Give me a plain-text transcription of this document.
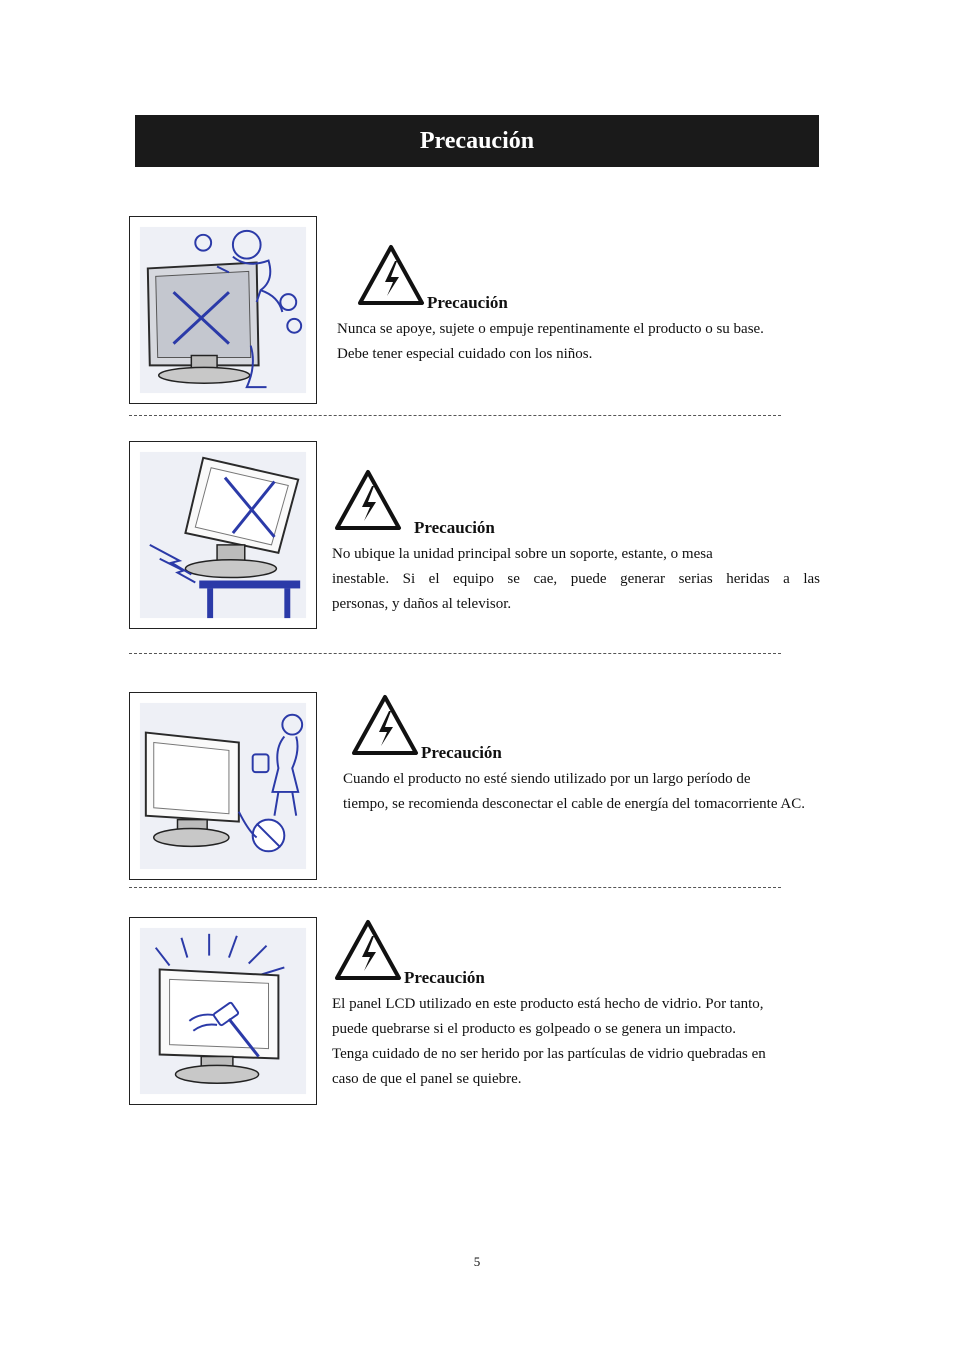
Precaución
Precaución

Nunca se apoye, sujete o empuje repentinamente el producto o su base.

Debe tener especial cuidado con los niños.

Precaución

No ubique la unidad principal sobre un soporte, estante, o mesa

inestable. Si el equipo se cae, puede generar serias heridas a las

personas, y daños al televisor.

Precaución

Cuando el producto no esté siendo utilizado por un largo período de

tiempo, se recomienda desconectar el cable de energía del tomacorriente AC.

Precaución

El panel LCD utilizado en este producto está hecho de vidrio. Por tanto,

puede quebrarse si el producto es golpeado o se genera un impacto.

Tenga cuidado de no ser herido por las partículas de vidrio quebradas en

caso de que el panel se quiebre.

5
